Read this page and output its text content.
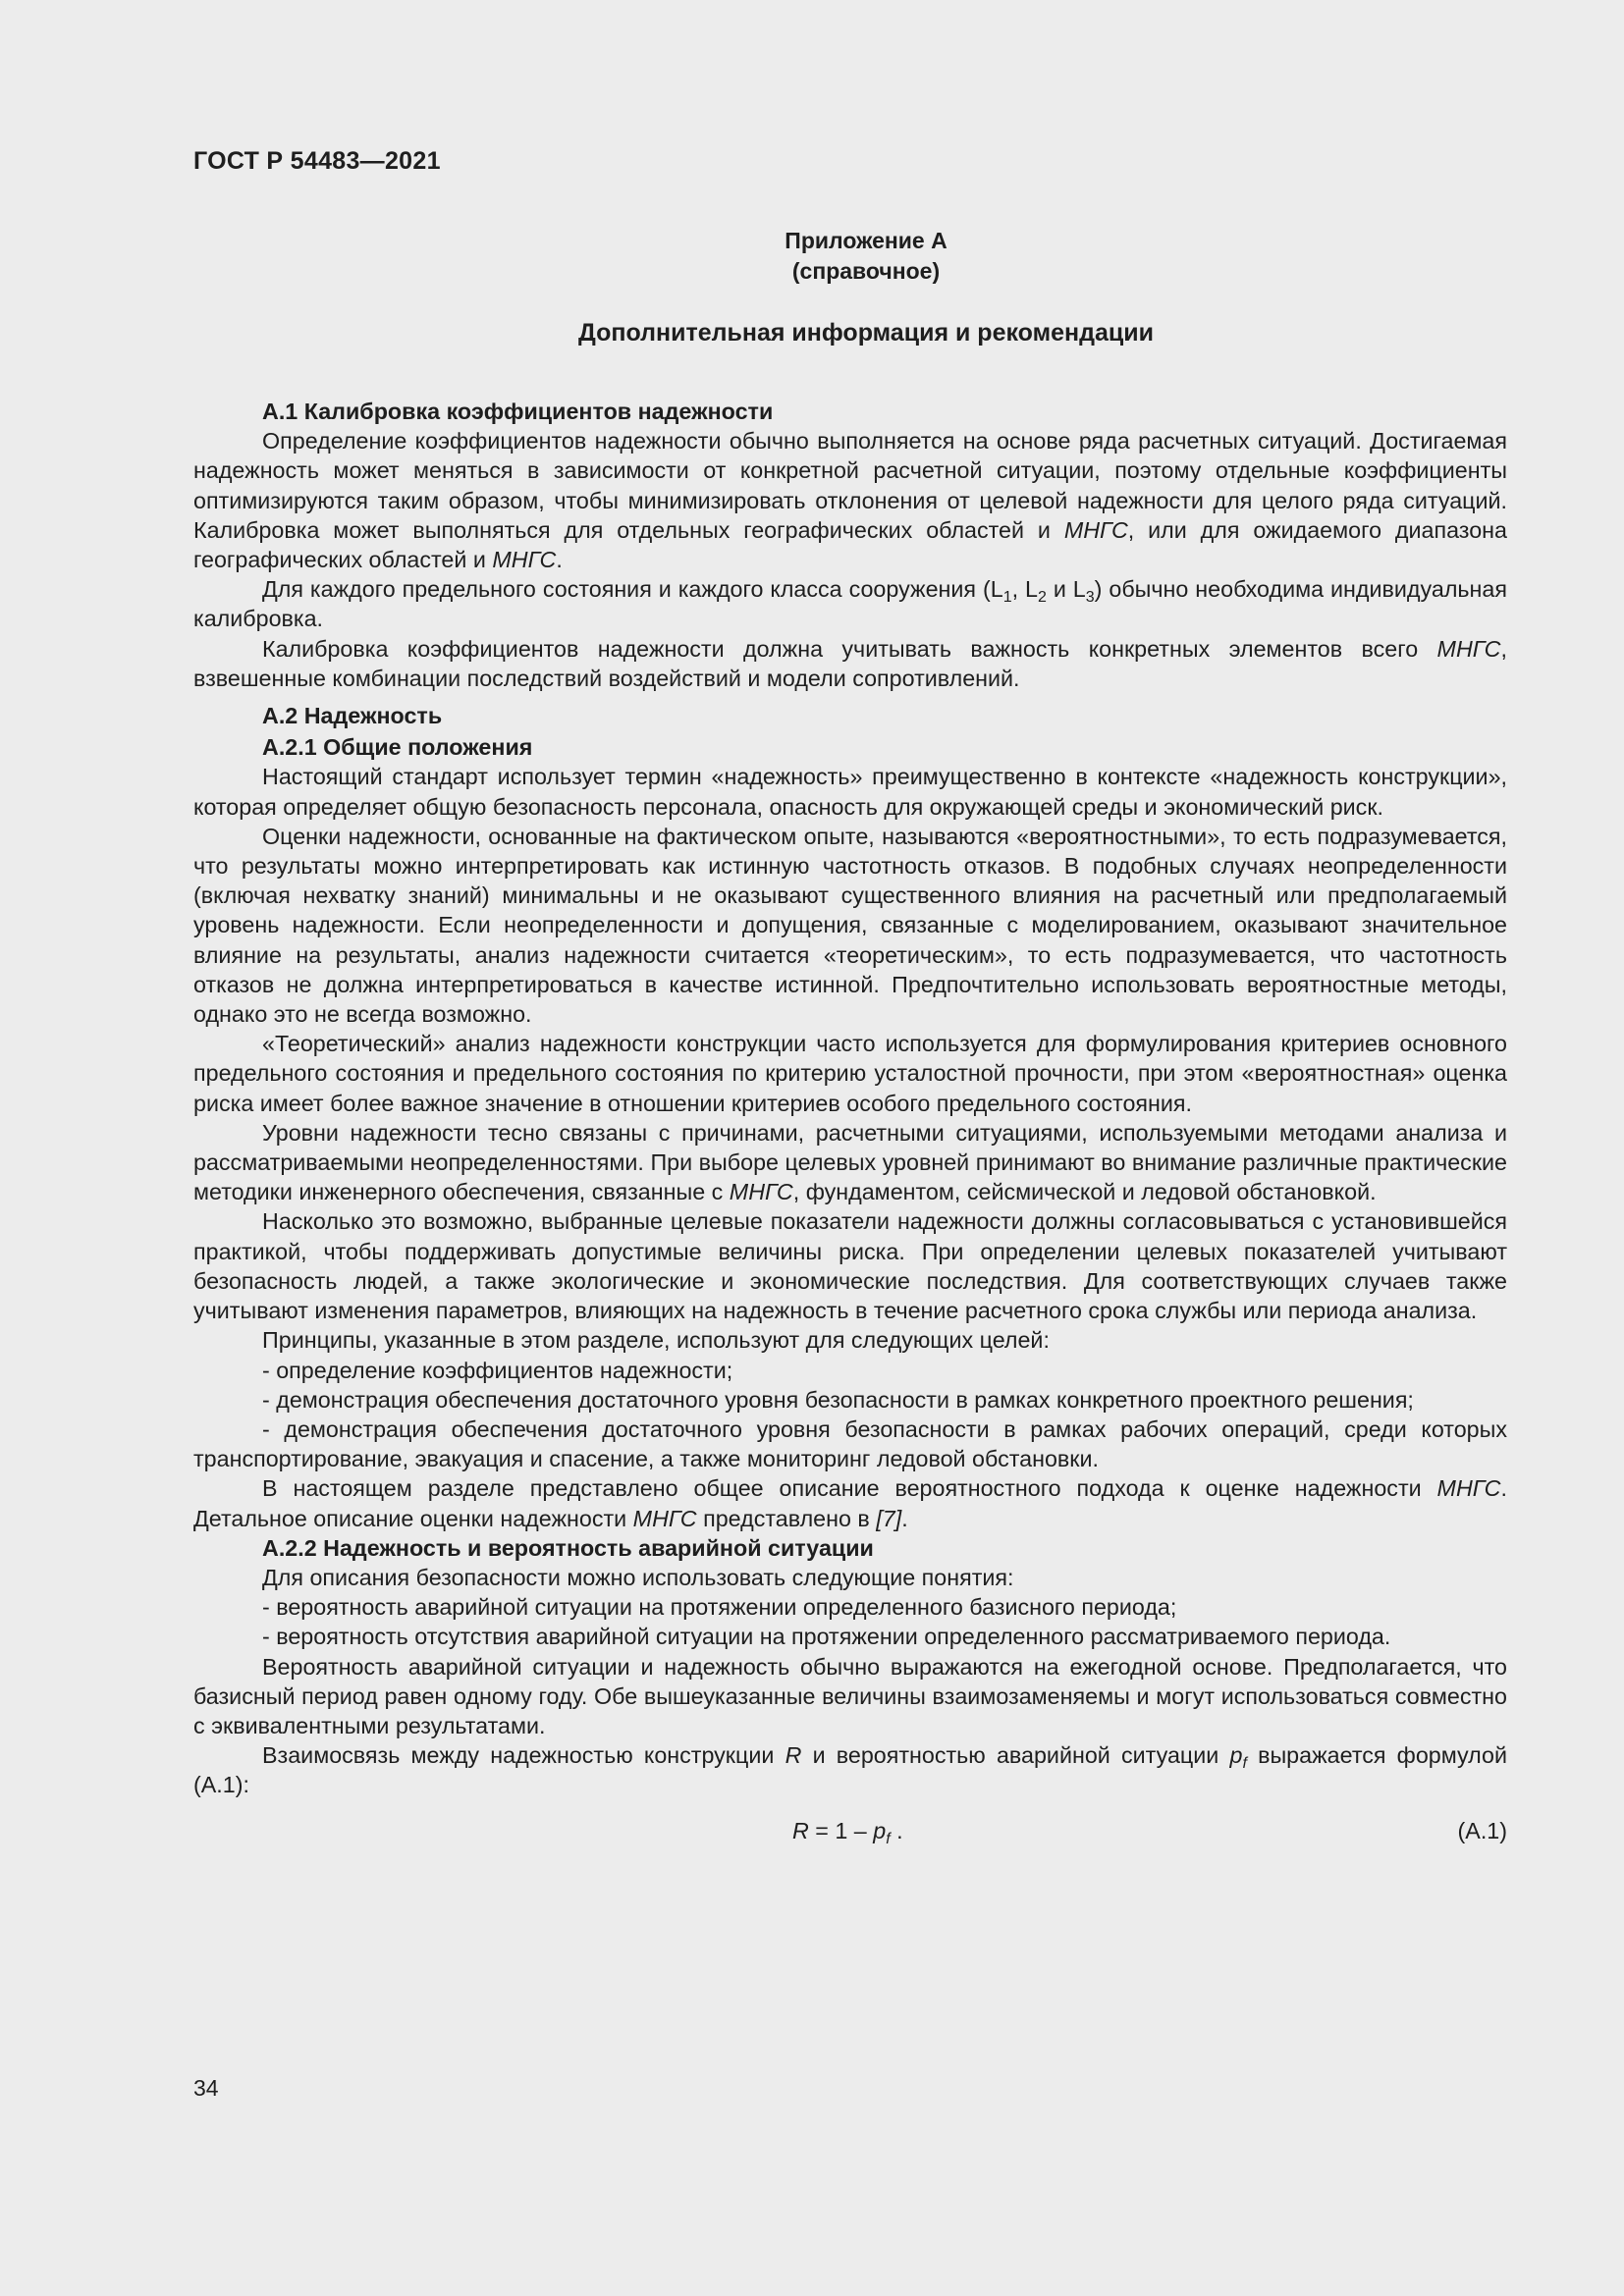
ГОСТ Р 54483—2021
Приложение А
(справочное)
Дополнительная информация и рекомендации
А.1 Калибровка коэффициентов надежности

Определение коэффициентов надежности обычно выполняется на основе ряда расчетных ситуаций. Достигаемая надежность может меняться в зависимости от конкретной расчетной ситуации, поэтому отдельные коэффициенты оптимизируются таким образом, чтобы минимизировать отклонения от целевой надежности для целого ряда ситуаций. Калибровка может выполняться для отдельных географических областей и МНГС, или для ожидаемого диапазона географических областей и МНГС.

Для каждого предельного состояния и каждого класса сооружения ($L_1$, $L_2$ и $L_3$) обычно необходима индивидуальная калибровка.

Калибровка коэффициентов надежности должна учитывать важность конкретных элементов всего МНГС, взвешенные комбинации последствий воздействий и модели сопротивлений.

А.2 Надежность
А.2.1 Общие положения

Настоящий стандарт использует термин «надежность» преимущественно в контексте «надежность конструкции», которая определяет общую безопасность персонала, опасность для окружающей среды и экономический риск.

Оценки надежности, основанные на фактическом опыте, называются «вероятностными», то есть подразумевается, что результаты можно интерпретировать как истинную частотность отказов. В подобных случаях неопределенности (включая нехватку знаний) минимальны и не оказывают существенного влияния на расчетный или предполагаемый уровень надежности. Если неопределенности и допущения, связанные с моделированием, оказывают значительное влияние на результаты, анализ надежности считается «теоретическим», то есть подразумевается, что частотность отказов не должна интерпретироваться в качестве истинной. Предпочтительно использовать вероятностные методы, однако это не всегда возможно.

«Теоретический» анализ надежности конструкции часто используется для формулирования критериев основного предельного состояния и предельного состояния по критерию усталостной прочности, при этом «вероятностная» оценка риска имеет более важное значение в отношении критериев особого предельного состояния.

Уровни надежности тесно связаны с причинами, расчетными ситуациями, используемыми методами анализа и рассматриваемыми неопределенностями. При выборе целевых уровней принимают во внимание различные практические методики инженерного обеспечения, связанные с МНГС, фундаментом, сейсмической и ледовой обстановкой.

Насколько это возможно, выбранные целевые показатели надежности должны согласовываться с установившейся практикой, чтобы поддерживать допустимые величины риска. При определении целевых показателей учитывают безопасность людей, а также экологические и экономические последствия. Для соответствующих случаев также учитывают изменения параметров, влияющих на надежность в течение расчетного срока службы или периода анализа.

Принципы, указанные в этом разделе, используют для следующих целей:

- определение коэффициентов надежности;
- демонстрация обеспечения достаточного уровня безопасности в рамках конкретного проектного решения;

- демонстрация обеспечения достаточного уровня безопасности в рамках рабочих операций, среди которых транспортирование, эвакуация и спасение, а также мониторинг ледовой обстановки.

В настоящем разделе представлено общее описание вероятностного подхода к оценке надежности МНГС. Детальное описание оценки надежности МНГС представлено в [7].

А.2.2 Надежность и вероятность аварийной ситуации

Для описания безопасности можно использовать следующие понятия:

- вероятность аварийной ситуации на протяжении определенного базисного периода;
- вероятность отсутствия аварийной ситуации на протяжении определенного рассматриваемого периода.

Вероятность аварийной ситуации и надежность обычно выражаются на ежегодной основе. Предполагается, что базисный период равен одному году. Обе вышеуказанные величины взаимозаменяемы и могут использоваться совместно с эквивалентными результатами.

Взаимосвязь между надежностью конструкции R и вероятностью аварийной ситуации $p_f$ выражается формулой (А.1):

$R = 1 - p_f$ .	(А.1)
34
